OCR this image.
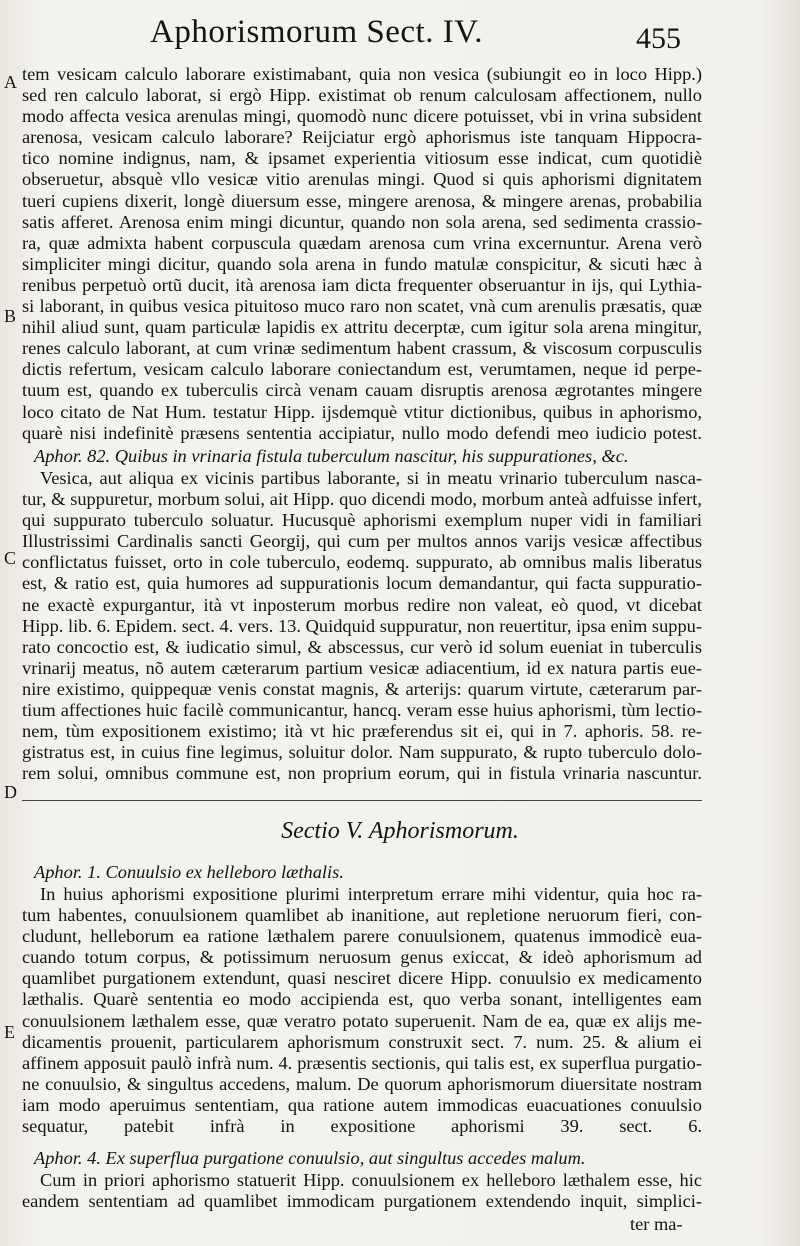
Aphorismorum Sect. IV.	455
A
B
C
D
E
tem vesicam calculo laborare existimabant, quia non vesica (subiungit eo in loco Hipp.)
sed ren calculo laborat, si ergò Hipp. existimat ob renum calculosam affectionem, nullo
modo affecta vesica arenulas mingi, quomodò nunc dicere potuisset, vbi in vrina subsident
arenosa, vesicam calculo laborare? Reijciatur ergò aphorismus iste tanquam Hippocra-
tico nomine indignus, nam, & ipsamet experientia vitiosum esse indicat, cum quotidiè
obseruetur, absquè vllo vesicæ vitio arenulas mingi. Quod si quis aphorismi dignitatem
tueri cupiens dixerit, longè diuersum esse, mingere arenosa, & mingere arenas, probabilia
satis afferet. Arenosa enim mingi dicuntur, quando non sola arena, sed sedimenta crassio-
ra, quæ admixta habent corpuscula quædam arenosa cum vrina excernuntur. Arena verò
simpliciter mingi dicitur, quando sola arena in fundo matulæ conspicitur, & sicuti hæc à
renibus perpetuò ortũ ducit, ità arenosa iam dicta frequenter obseruantur in ijs, qui Lythia-
si laborant, in quibus vesica pituitoso muco raro non scatet, vnà cum arenulis præsatis, quæ
nihil aliud sunt, quam particulæ lapidis ex attritu decerptæ, cum igitur sola arena mingitur,
renes calculo laborant, at cum vrinæ sedimentum habent crassum, & viscosum corpusculis
dictis refertum, vesicam calculo laborare coniectandum est, verumtamen, neque id perpe-
tuum est, quando ex tuberculis circà venam cauam disruptis arenosa ægrotantes mingere
loco citato de Nat Hum. testatur Hipp. ijsdemquè vtitur dictionibus, quibus in aphorismo,
quarè nisi indefinitè præsens sententia accipiatur, nullo modo defendi meo iudicio potest.
Aphor. 82. Quibus in vrinaria fistula tuberculum nascitur, his suppurationes, &c.
Vesica, aut aliqua ex vicinis partibus laborante, si in meatu vrinario tuberculum nasca-
tur, & suppuretur, morbum solui, ait Hipp. quo dicendi modo, morbum anteà adfuisse infert,
qui suppurato tuberculo soluatur. Hucusquè aphorismi exemplum nuper vidi in familiari
Illustrissimi Cardinalis sancti Georgij, qui cum per multos annos varijs vesicæ affectibus
conflictatus fuisset, orto in cole tuberculo, eodemq. suppurato, ab omnibus malis liberatus
est, & ratio est, quia humores ad suppurationis locum demandantur, qui facta suppuratio-
ne exactè expurgantur, ità vt inposterum morbus redire non valeat, eò quod, vt dicebat
Hipp. lib. 6. Epidem. sect. 4. vers. 13. Quidquid suppuratur, non reuertitur, ipsa enim suppu-
rato concoctio est, & iudicatio simul, & abscessus, cur verò id solum eueniat in tuberculis
vrinarij meatus, nõ autem cæterarum partium vesicæ adiacentium, id ex natura partis eue-
nire existimo, quippequæ venis constat magnis, & arterijs: quarum virtute, cæterarum par-
tium affectiones huic facilè communicantur, hancq. veram esse huius aphorismi, tùm lectio-
nem, tùm expositionem existimo; ità vt hic præferendus sit ei, qui in 7. aphoris. 58. re-
gistratus est, in cuius fine legimus, soluitur dolor. Nam suppurato, & rupto tuberculo dolo-
rem solui, omnibus commune est, non proprium eorum, qui in fistula vrinaria nascuntur.
Sectio V. Aphorismorum.
Aphor. 1. Conuulsio ex helleboro læthalis.
In huius aphorismi expositione plurimi interpretum errare mihi videntur, quia hoc ra-
tum habentes, conuulsionem quamlibet ab inanitione, aut repletione neruorum fieri, con-
cludunt, helleborum ea ratione læthalem parere conuulsionem, quatenus immodicè eua-
cuando totum corpus, & potissimum neruosum genus exiccat, & ideò aphorismum ad
quamlibet purgationem extendunt, quasi nesciret dicere Hipp. conuulsio ex medicamento
læthalis. Quarè sententia eo modo accipienda est, quo verba sonant, intelligentes eam
conuulsionem læthalem esse, quæ veratro potato superuenit. Nam de ea, quæ ex alijs me-
dicamentis prouenit, particularem aphorismum construxit sect. 7. num. 25. & alium ei
affinem apposuit paulò infrà num. 4. præsentis sectionis, qui talis est, ex superflua purgatio-
ne conuulsio, & singultus accedens, malum. De quorum aphorismorum diuersitate nostram
iam modo aperuimus sententiam, qua ratione autem immodicas euacuationes conuulsio
sequatur, patebit infrà in expositione aphorismi 39. sect. 6.
Aphor. 4. Ex superflua purgatione conuulsio, aut singultus accedes malum.
Cum in priori aphorismo statuerit Hipp. conuulsionem ex helleboro læthalem esse, hic
eandem sententiam ad quamlibet immodicam purgationem extendendo inquit, simplici-
ter ma-
